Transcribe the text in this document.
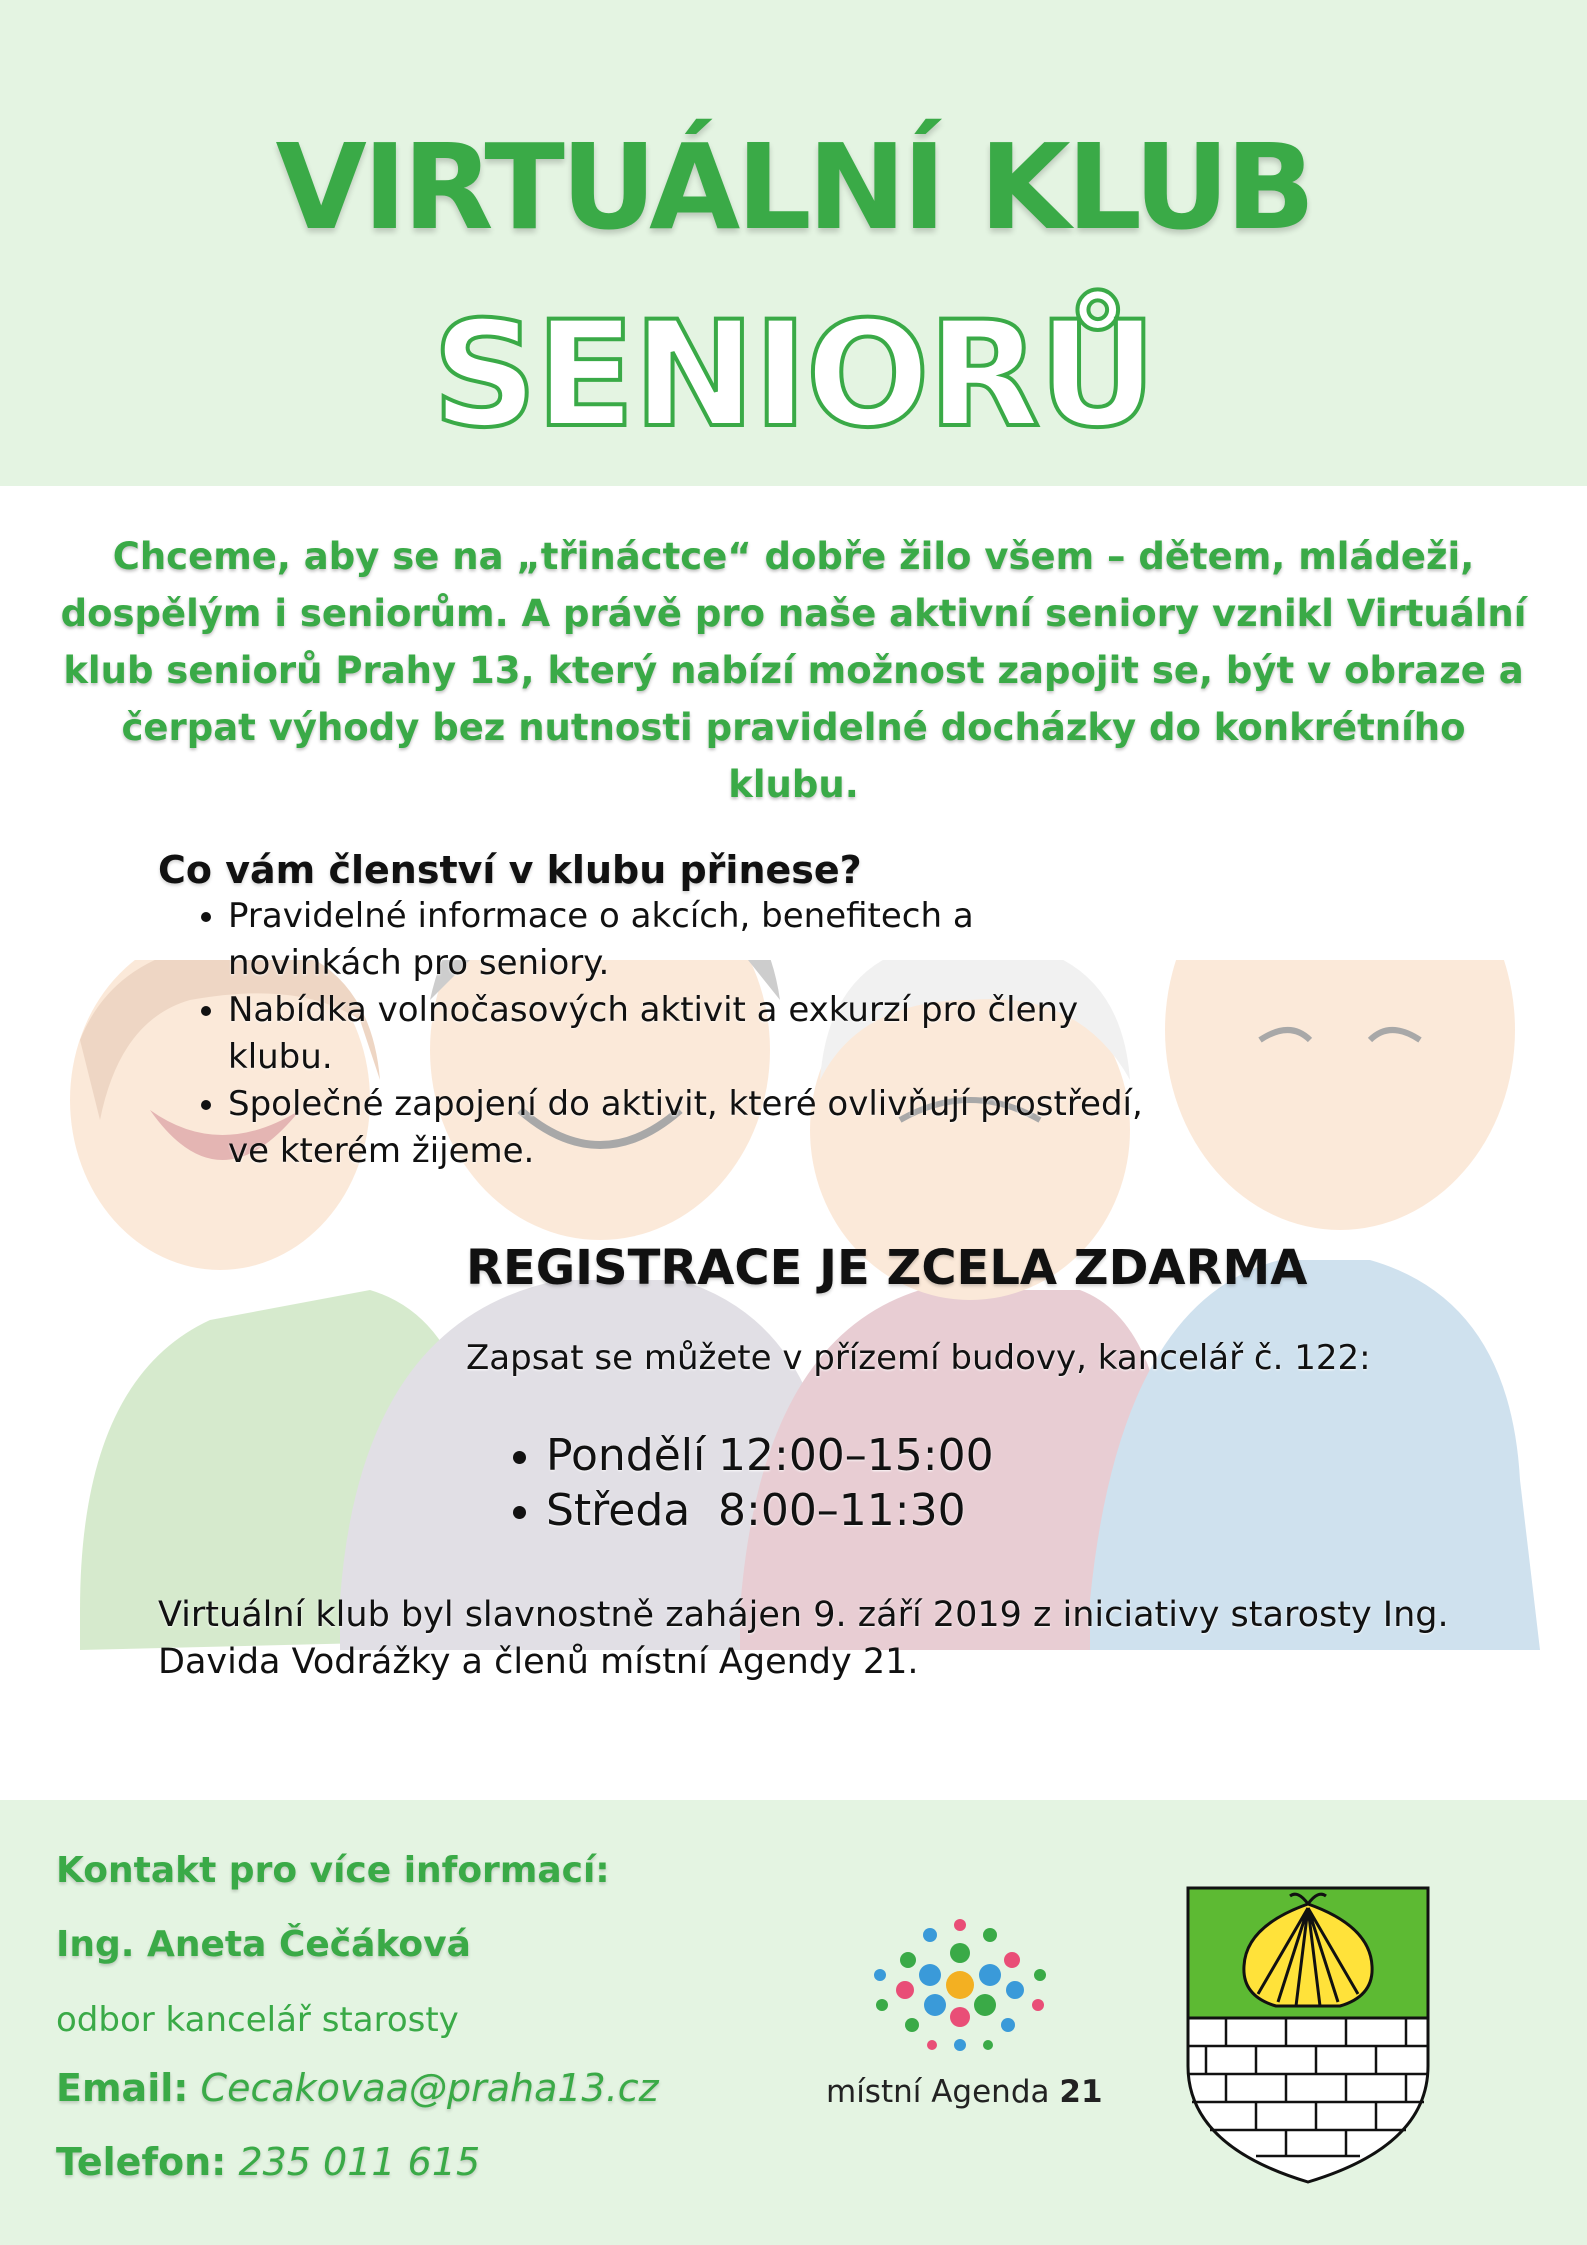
VIRTUÁLNÍ KLUB
SENIORŮ
Chceme, aby se na „třináctce“ dobře žilo všem – dětem, mládeži, dospělým i seniorům. A právě pro naše aktivní seniory vznikl Virtuální klub seniorů Prahy 13, který nabízí možnost zapojit se, být v obraze a čerpat výhody bez nutnosti pravidelné docházky do konkrétního klubu.
Co vám členství v klubu přinese?
• Pravidelné informace o akcích, benefitech a novinkách pro seniory.
• Nabídka volnočasových aktivit a exkurzí pro členy klubu.
• Společné zapojení do aktivit, které ovlivňují prostředí, ve kterém žijeme.
REGISTRACE JE ZCELA ZDARMA
Zapsat se můžete v přízemí budovy, kancelář č. 122:
• Pondělí 12:00–15:00
• Středa 8:00–11:30
Virtuální klub byl slavnostně zahájen 9. září 2019 z iniciativy starosty Ing. Davida Vodrážky a členů místní Agendy 21.
Kontakt pro více informací:
Ing. Aneta Čečáková
odbor kancelář starosty
Email: Cecakovaa@praha13.cz
Telefon: 235 011 615
místní Agenda 21
